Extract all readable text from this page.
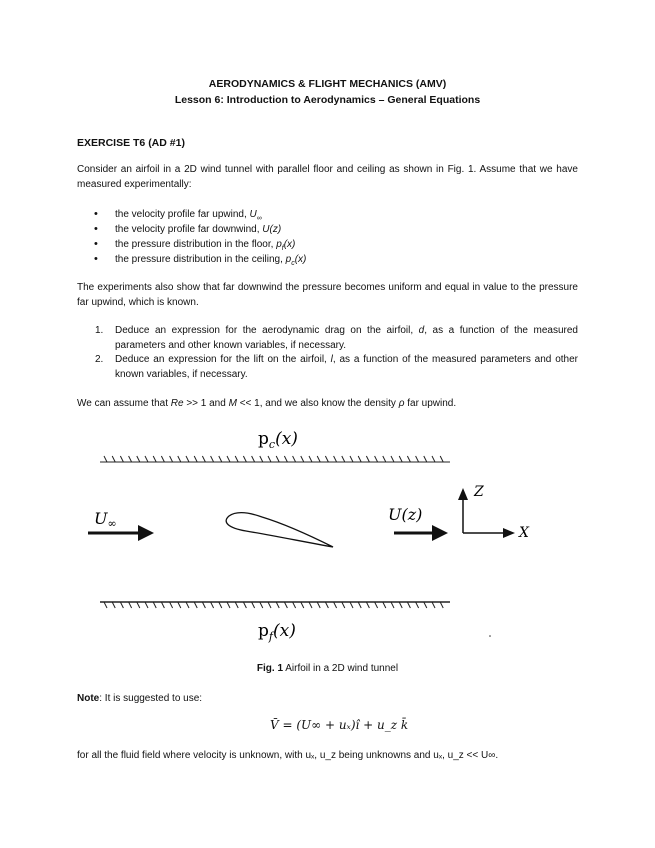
AERODYNAMICS & FLIGHT MECHANICS (AMV)
Lesson 6: Introduction to Aerodynamics – General Equations
EXERCISE T6 (AD #1)
Consider an airfoil in a 2D wind tunnel with parallel floor and ceiling as shown in Fig. 1. Assume that we have measured experimentally:
• the velocity profile far upwind, $U_\infty$
• the velocity profile far downwind, U(z)
• the pressure distribution in the floor, $p_f(x)$
• the pressure distribution in the ceiling, $p_c(x)$
The experiments also show that far downwind the pressure becomes uniform and equal in value to the pressure far upwind, which is known.
1. Deduce an expression for the aerodynamic drag on the airfoil, d, as a function of the measured parameters and other known variables, if necessary.
2. Deduce an expression for the lift on the airfoil, l, as a function of the measured parameters and other known variables, if necessary.
We can assume that Re >> 1 and M << 1, and we also know the density ρ far upwind.
$p_c(x)$
$p_f(x)$
U∞	U(z)
Z
X
Fig. 1 Airfoil in a 2D wind tunnel
Note: It is suggested to use:
V̄ = (U∞ + uₓ)î + u_z k̄
for all the fluid field where velocity is unknown, with uₓ, u_z being unknowns and uₓ, u_z << U∞.
